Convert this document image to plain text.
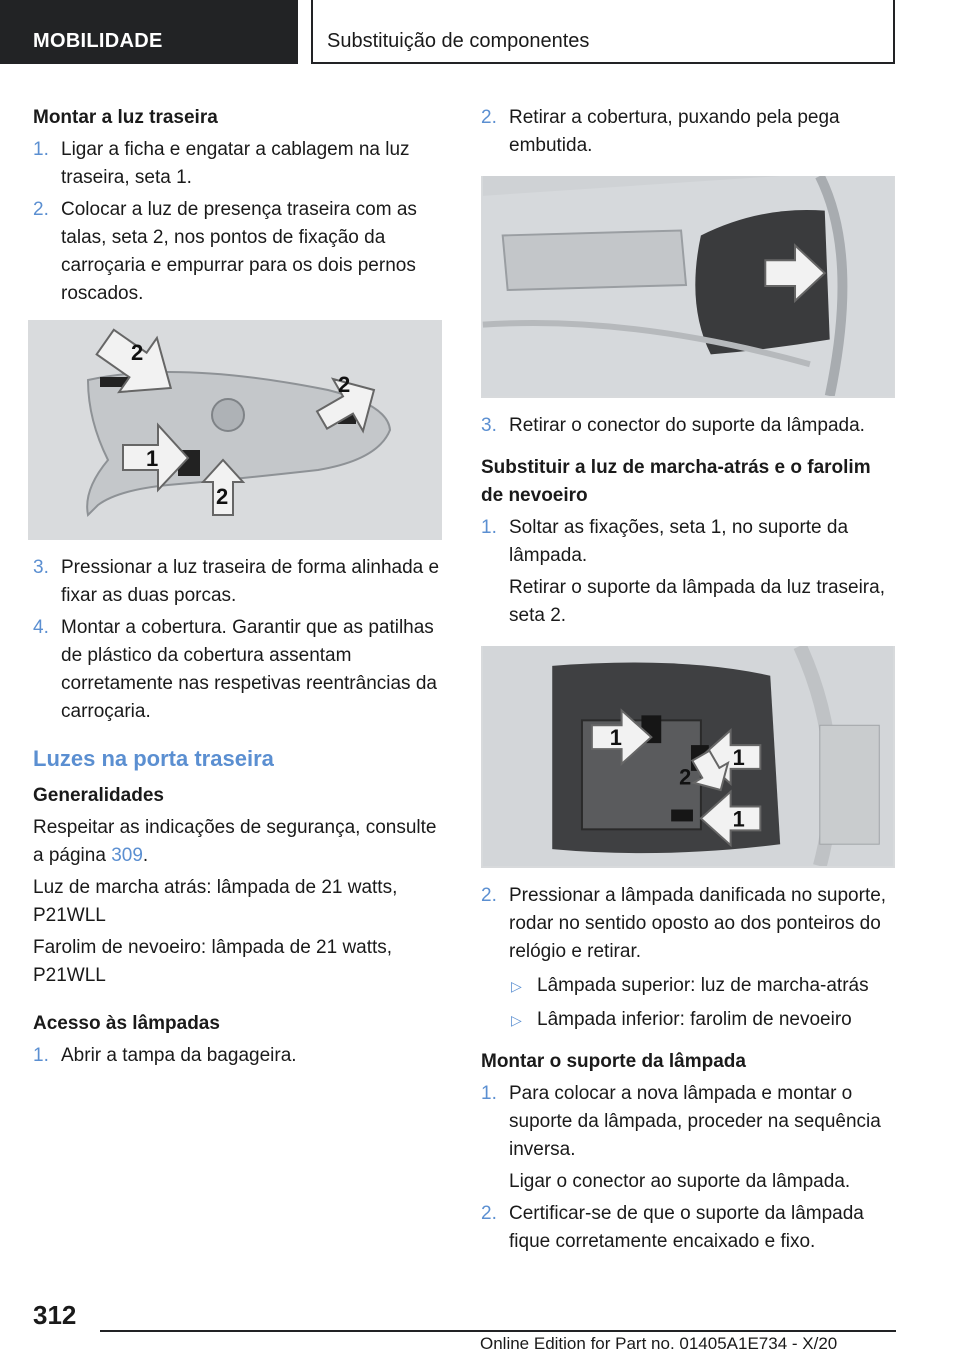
MOBILIDADE	Substituição de componentes
Montar a luz traseira
1. Ligar a ficha e engatar a cablagem na luz traseira, seta 1.
2. Colocar a luz de presença traseira com as talas, seta 2, nos pontos de fixação da carroçaria e empurrar para os dois pernos roscados.
2
2
1
2
3. Pressionar a luz traseira de forma alinhada e fixar as duas porcas.
4. Montar a cobertura. Garantir que as patilhas de plástico da cobertura assentam corretamente nas respetivas reentrâncias da carroçaria.
Luzes na porta traseira
Generalidades
Respeitar as indicações de segurança, consulte a página 309.
Luz de marcha atrás: lâmpada de 21 watts, P21WLL
Farolim de nevoeiro: lâmpada de 21 watts, P21WLL
Acesso às lâmpadas
1. Abrir a tampa da bagageira.
2. Retirar a cobertura, puxando pela pega embutida.
3. Retirar o conector do suporte da lâmpada.
Substituir a luz de marcha-atrás e o farolim de nevoeiro
1. Soltar as fixações, seta 1, no suporte da lâmpada.
Retirar o suporte da lâmpada da luz traseira, seta 2.
1
1
2
1
2. Pressionar a lâmpada danificada no suporte, rodar no sentido oposto ao dos ponteiros do relógio e retirar.
▷ Lâmpada superior: luz de marcha-atrás
▷ Lâmpada inferior: farolim de nevoeiro
Montar o suporte da lâmpada
1. Para colocar a nova lâmpada e montar o suporte da lâmpada, proceder na sequência inversa.
Ligar o conector ao suporte da lâmpada.
2. Certificar-se de que o suporte da lâmpada fique corretamente encaixado e fixo.
312
Online Edition for Part no. 01405A1E734 - X/20
